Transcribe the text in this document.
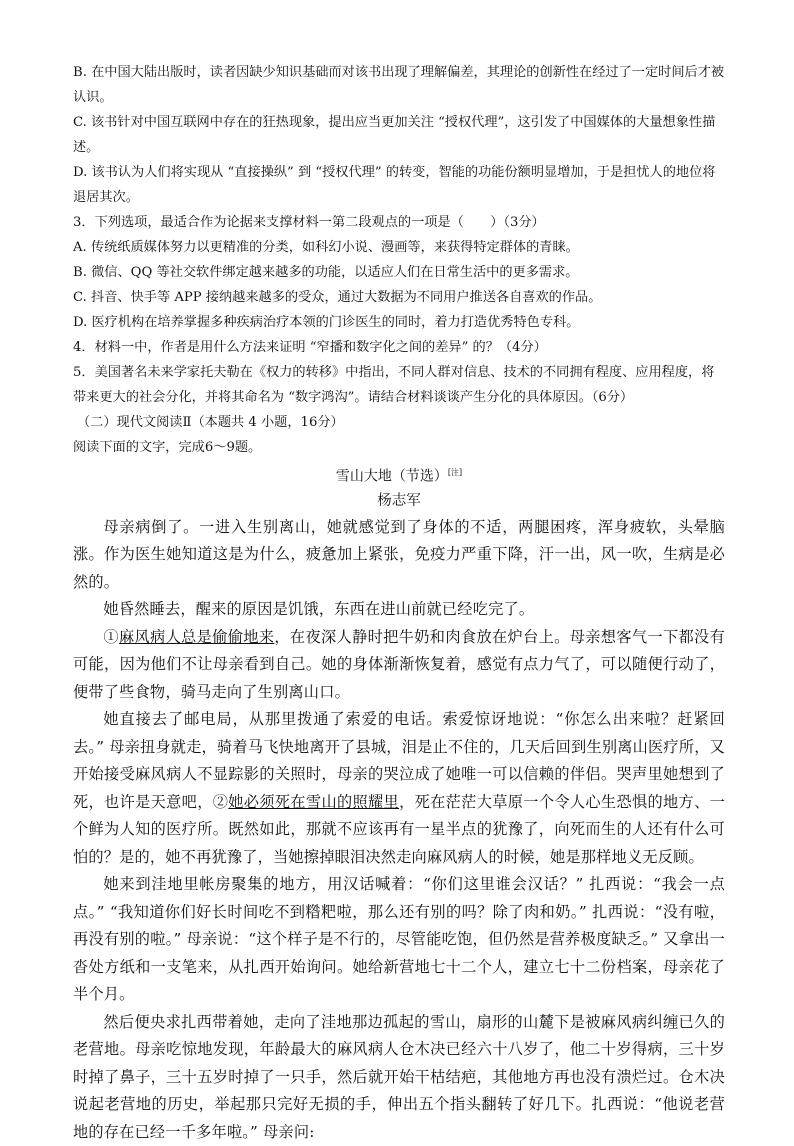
B. 在中国大陆出版时，读者因缺少知识基础而对该书出现了理解偏差，其理论的创新性在经过了一定时间后才被认识。
C. 该书针对中国互联网中存在的狂热现象，提出应当更加关注 “授权代理”，这引发了中国媒体的大量想象性描述。
D. 该书认为人们将实现从 “直接操纵” 到 “授权代理” 的转变，智能的功能份额明显增加，于是担忧人的地位将退居其次。
3．下列选项，最适合作为论据来支撑材料一第二段观点的一项是（　　）（3分）
A. 传统纸质媒体努力以更精准的分类，如科幻小说、漫画等，来获得特定群体的青睐。
B. 微信、QQ 等社交软件绑定越来越多的功能，以适应人们在日常生活中的更多需求。
C. 抖音、快手等 APP 接纳越来越多的受众，通过大数据为不同用户推送各自喜欢的作品。
D. 医疗机构在培养掌握多种疾病治疗本领的门诊医生的同时，着力打造优秀特色专科。
4．材料一中，作者是用什么方法来证明 “窄播和数字化之间的差异” 的？（4分）
5．美国著名未来学家托夫勒在《权力的转移》中指出，不同人群对信息、技术的不同拥有程度、应用程度，将带来更大的社会分化，并将其命名为 “数字鸿沟”。请结合材料谈谈产生分化的具体原因。（6分）
（二）现代文阅读Ⅱ（本题共 4 小题，16分）
阅读下面的文字，完成6～9题。
雪山大地（节选）[注]
杨志军

母亲病倒了。一进入生别离山，她就感觉到了身体的不适，两腿困疼，浑身疲软，头晕脑涨。作为医生她知道这是为什么，疲惫加上紧张，免疫力严重下降，汗一出，风一吹，生病是必然的。

她昏然睡去，醒来的原因是饥饿，东西在进山前就已经吃完了。

①麻风病人总是偷偷地来，在夜深人静时把牛奶和肉食放在炉台上。母亲想客气一下都没有可能，因为他们不让母亲看到自己。她的身体渐渐恢复着，感觉有点力气了，可以随便行动了，便带了些食物，骑马走向了生别离山口。

她直接去了邮电局，从那里拨通了索爱的电话。索爱惊讶地说：“你怎么出来啦？赶紧回去。” 母亲扭身就走，骑着马飞快地离开了县城，泪是止不住的，几天后回到生别离山医疗所，又开始接受麻风病人不显踪影的关照时，母亲的哭泣成了她唯一可以信赖的伴侣。哭声里她想到了死，也许是天意吧，②她必须死在雪山的照耀里，死在茫茫大草原一个令人心生恐惧的地方、一个鲜为人知的医疗所。既然如此，那就不应该再有一星半点的犹豫了，向死而生的人还有什么可怕的？是的，她不再犹豫了，当她擦掉眼泪决然走向麻风病人的时候，她是那样地义无反顾。

她来到洼地里帐房聚集的地方，用汉话喊着：“你们这里谁会汉话？” 扎西说：“我会一点点。” “我知道你们好长时间吃不到糌粑啦，那么还有别的吗？除了肉和奶。” 扎西说：“没有啦，再没有别的啦。” 母亲说：“这个样子是不行的，尽管能吃饱，但仍然是营养极度缺乏。” 又拿出一沓处方纸和一支笔来，从扎西开始询问。她给新营地七十二个人，建立七十二份档案，母亲花了半个月。

然后便央求扎西带着她，走向了洼地那边孤起的雪山，扇形的山麓下是被麻风病纠缠已久的老营地。母亲吃惊地发现，年龄最大的麻风病人仓木决已经六十八岁了，他二十岁得病，三十岁时掉了鼻子，三十五岁时掉了一只手，然后就开始干枯结疤，其他地方再也没有溃烂过。仓木决说起老营地的历史，举起那只完好无损的手，伸出五个指头翻转了好几下。扎西说：“他说老营地的存在已经一千多年啦。” 母亲问:
